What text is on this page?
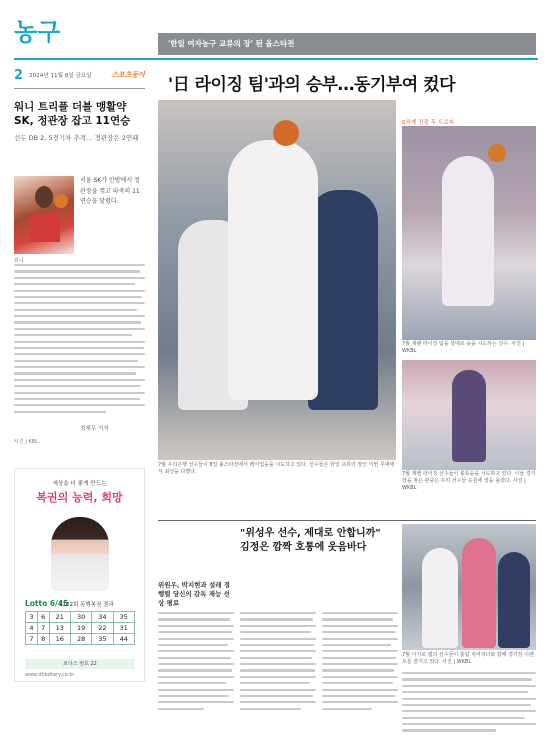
농구
2 2024년 11월 8일 금요일	스포츠동아
워니 트리플 더블 맹활약 SK, 정관장 잡고 11연승
선두 DB 2, 5경기차 추격… 정관장은 2연패
워니
서울 SK가 안방에서 정관장을 꺾고 파죽의 11연승을 달렸다.
정재우 기자
사진 | KBL
세상을 더 좋게 만드는
복권의 능력, 희망
Lotto 6/45
1122회 동행복권 결과
3	6	21	30	34	35
4	7	13	19	22	31
7	8	16	28	35	44
보너스 번호 22
www.dhlottery.co.kr
'한일 여자농구 교류의 장' 된 올스타전
'日 라이징 팀'과의 승부…동기부여 컸다
7월 우리은행 선수들이 8일 올스타전에서 레이업슛을 시도하고 있다. 선수들은 한일 교류의 장인 이번 무대에서 최선을 다했다.
6차례 진출 후 트로피
7월 재팬 라이징 팀을 상대로 슛을 시도하는 선수. 사진 | WKBL
7월 재팬 라이징 선수들이 블록슛을 시도하고 있다. 이날 경기장을 찾은 관중은 우리 선수들 응원에 열을 올렸다. 사진 | WKBL
"위성우 선수, 제대로 안합니까" 김정은 깜짝 호통에 웃음바다
7월 아지로 캠의 선수들이 홈팀 치어리더와 함께 경기장 이벤트를 즐기고 있다. 사진 | WKBL
위원우, 박지현과 설래 정 행렬 당신의 감독 재능 선상 평료
